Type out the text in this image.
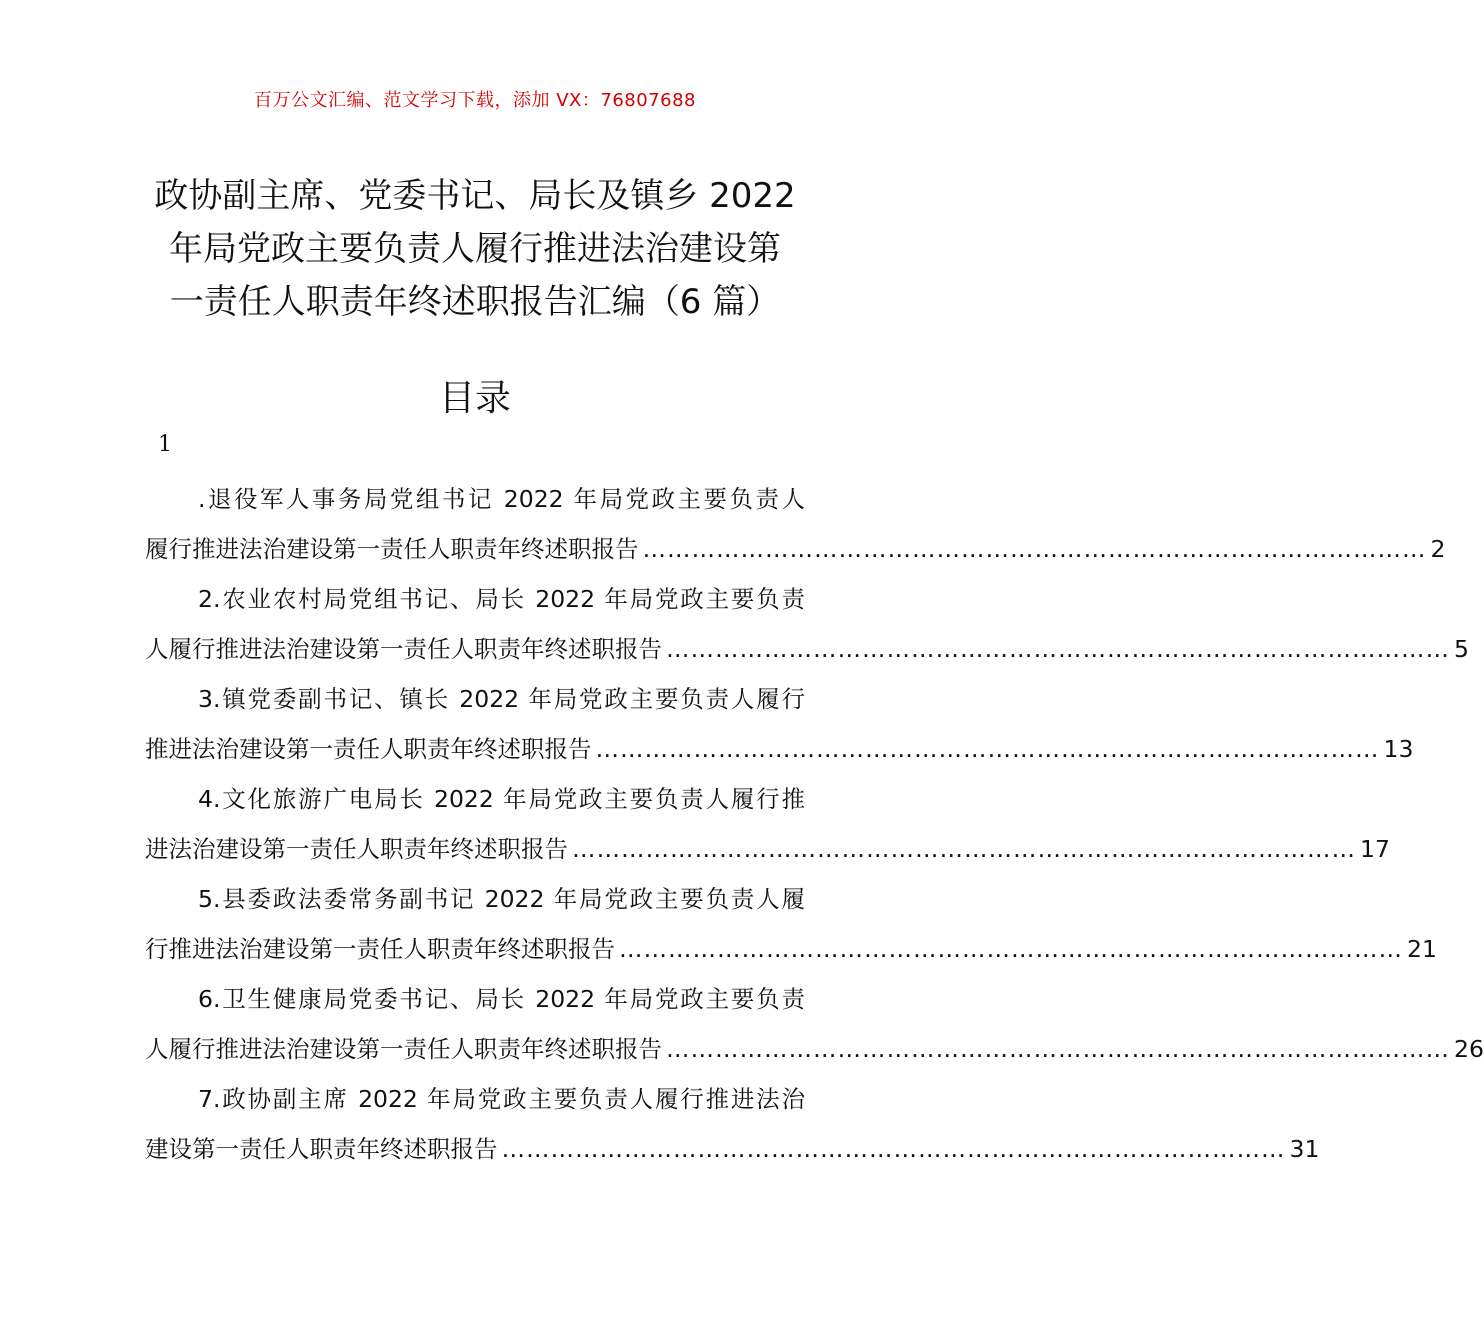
百万公文汇编、范文学习下载，添加 VX：76807688
政协副主席、党委书记、局长及镇乡 2022
年局党政主要负责人履行推进法治建设第
一责任人职责年终述职报告汇编（6 篇）
目录
1
.退役军人事务局党组书记 2022 年局党政主要负责人
履行推进法治建设第一责任人职责年终述职报告 …………………………………………………………………………………… 2
2.农业农村局党组书记、局长 2022 年局党政主要负责
人履行推进法治建设第一责任人职责年终述职报告 …………………………………………………………………………………… 5
3.镇党委副书记、镇长 2022 年局党政主要负责人履行
推进法治建设第一责任人职责年终述职报告 …………………………………………………………………………………… 13
4.文化旅游广电局长 2022 年局党政主要负责人履行推
进法治建设第一责任人职责年终述职报告 …………………………………………………………………………………… 17
5.县委政法委常务副书记 2022 年局党政主要负责人履
行推进法治建设第一责任人职责年终述职报告 …………………………………………………………………………………… 21
6.卫生健康局党委书记、局长 2022 年局党政主要负责
人履行推进法治建设第一责任人职责年终述职报告 …………………………………………………………………………………… 26
7.政协副主席 2022 年局党政主要负责人履行推进法治
建设第一责任人职责年终述职报告 …………………………………………………………………………………… 31
